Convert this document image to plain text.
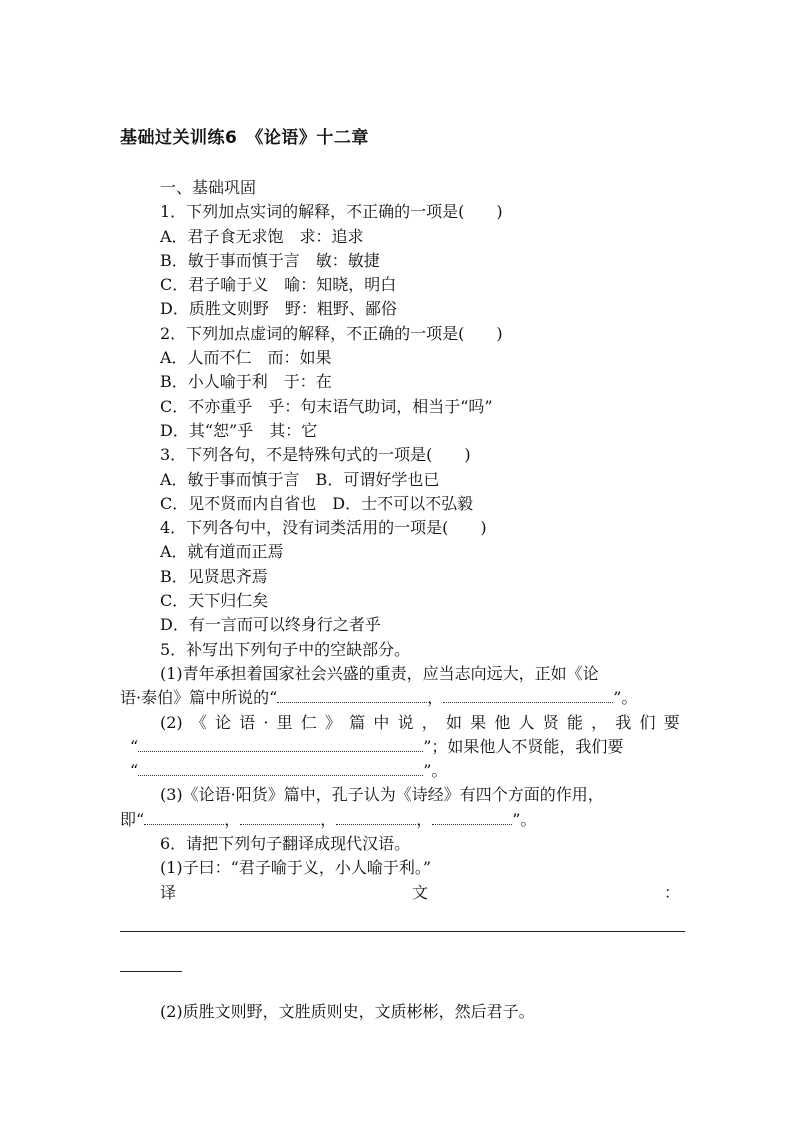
基础过关训练6　《论语》十二章
一、基础巩固
1．下列加点实词的解释，不正确的一项是(　　)
A．君子食无求饱　求：追求
B．敏于事而慎于言　敏：敏捷
C．君子喻于义　喻：知晓，明白
D．质胜文则野　野：粗野、鄙俗
2．下列加点虚词的解释，不正确的一项是(　　)
A．人而不仁　而：如果
B．小人喻于利　于：在
C．不亦重乎　乎：句末语气助词，相当于“吗”
D．其“恕”乎　其：它
3．下列各句，不是特殊句式的一项是(　　)
A．敏于事而慎于言　B．可谓好学也已
C．见不贤而内自省也　D．士不可以不弘毅
4．下列各句中，没有词类活用的一项是(　　)
A．就有道而正焉
B．见贤思齐焉
C．天下归仁矣
D．有一言而可以终身行之者乎
5．补写出下列句子中的空缺部分。
(1)青年承担着国家社会兴盛的重责，应当志向远大，正如《论
语·泰伯》篇中所说的“	，	”。
(2) 《 论 语 · 里 仁 》 篇 中 说 ， 如 果 他 人 贤 能 ， 我 们 要
“	”；如果他人不贤能，我们要
“	”。
(3)《论语·阳货》篇中，孔子认为《诗经》有四个方面的作用，
即“	，	，	，	”。
6．请把下列句子翻译成现代汉语。
(1)子曰：“君子喻于义，小人喻于利。”
译	文	：
(2)质胜文则野，文胜质则史，文质彬彬，然后君子。
